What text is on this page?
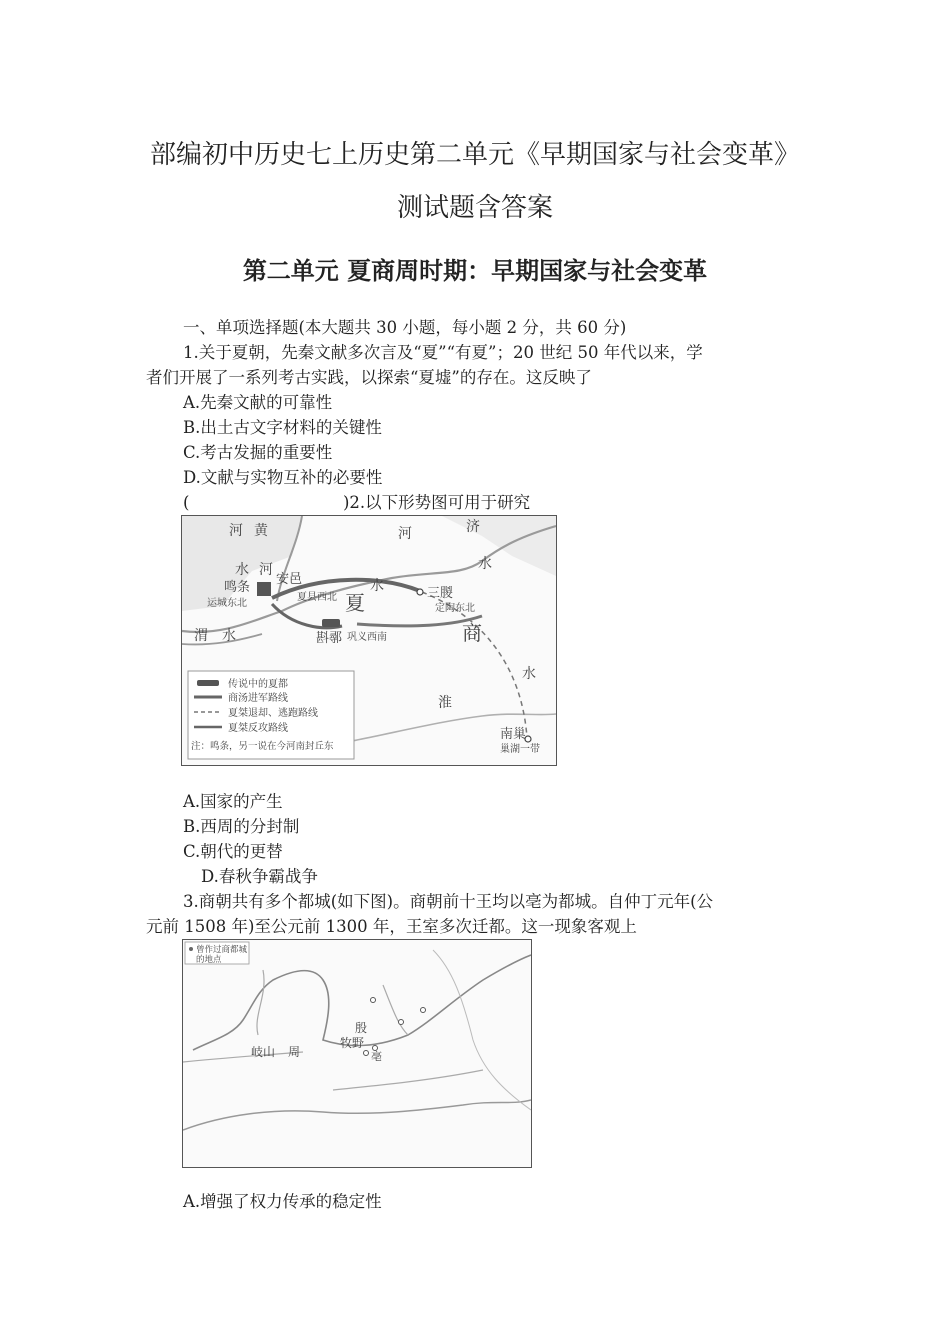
部编初中历史七上历史第二单元《早期国家与社会变革》
测试题含答案
第二单元 夏商周时期：早期国家与社会变革
一、单项选择题(本大题共 30 小题，每小题 2 分，共 60 分)
1.关于夏朝，先秦文献多次言及“夏”“有夏”；20 世纪 50 年代以来，学
者们开展了一系列考古实践，以探索“夏墟”的存在。这反映了
A.先秦文献的可靠性
B.出土古文字材料的关键性
C.考古发掘的重要性
D.文献与实物互补的必要性
(	)2.以下形势图可用于研究
河 黄	河	济
水 河	水
鸣条
安邑
运城东北
夏县西北
水
夏	三朡
定陶东北
渭 水	斟鄩 巩义西南	商
水
淮
南巢
巢湖一带
传说中的夏都
商汤进军路线
夏桀退却、逃跑路线
夏桀反攻路线
注：鸣条，另一说在今河南封丘东
A.国家的产生
B.西周的分封制
C.朝代的更替
D.春秋争霸战争
3.商朝共有多个都城(如下图)。商朝前十王均以亳为都城。自仲丁元年(公
元前 1508 年)至公元前 1300 年，王室多次迁都。这一现象客观上
曾作过商都城
的地点
岐山 周
殷
牧野
亳
A.增强了权力传承的稳定性
